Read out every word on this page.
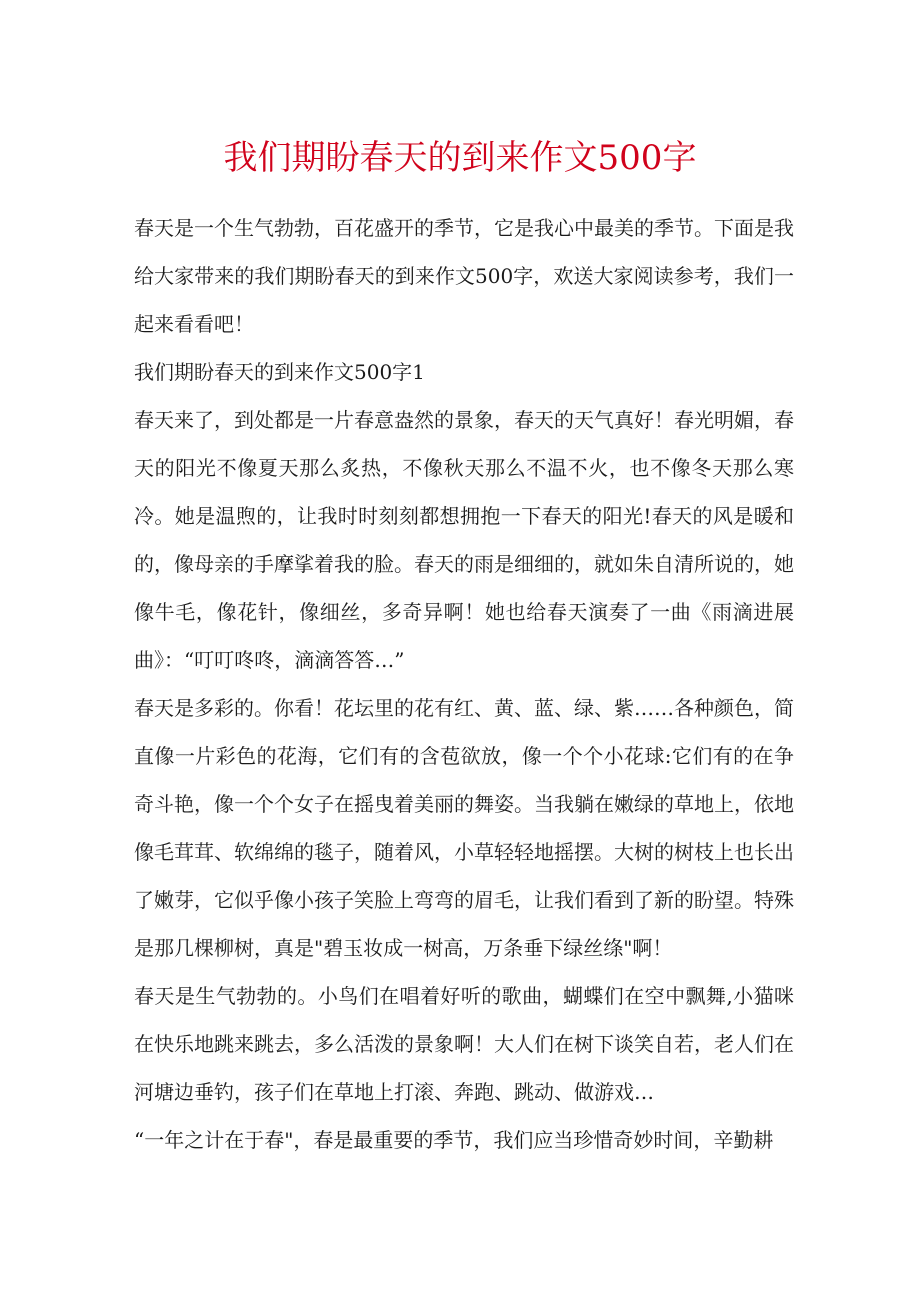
我们期盼春天的到来作文500字

春天是一个生气勃勃，百花盛开的季节，它是我心中最美的季节。下面是我给大家带来的我们期盼春天的到来作文500字，欢送大家阅读参考，我们一起来看看吧！

我们期盼春天的到来作文500字1

春天来了，到处都是一片春意盎然的景象，春天的天气真好！春光明媚，春天的阳光不像夏天那么炙热，不像秋天那么不温不火，也不像冬天那么寒冷。她是温煦的，让我时时刻刻都想拥抱一下春天的阳光!春天的风是暖和的，像母亲的手摩挲着我的脸。春天的雨是细细的，就如朱自清所说的，她像牛毛，像花针，像细丝，多奇异啊！她也给春天演奏了一曲《雨滴进展曲》：“叮叮咚咚，滴滴答答…”

春天是多彩的。你看！花坛里的花有红、黄、蓝、绿、紫……各种颜色，简直像一片彩色的花海，它们有的含苞欲放，像一个个小花球:它们有的在争奇斗艳，像一个个女子在摇曳着美丽的舞姿。当我躺在嫩绿的草地上，依地像毛茸茸、软绵绵的毯子，随着风，小草轻轻地摇摆。大树的树枝上也长出了嫩芽，它似乎像小孩子笑脸上弯弯的眉毛，让我们看到了新的盼望。特殊是那几棵柳树，真是"碧玉妆成一树高，万条垂下绿丝绦"啊！

春天是生气勃勃的。小鸟们在唱着好听的歌曲，蝴蝶们在空中飘舞,小猫咪在快乐地跳来跳去，多么活泼的景象啊！大人们在树下谈笑自若，老人们在河塘边垂钓，孩子们在草地上打滚、奔跑、跳动、做游戏…

“一年之计在于春"，春是最重要的季节，我们应当珍惜奇妙时间，辛勤耕
